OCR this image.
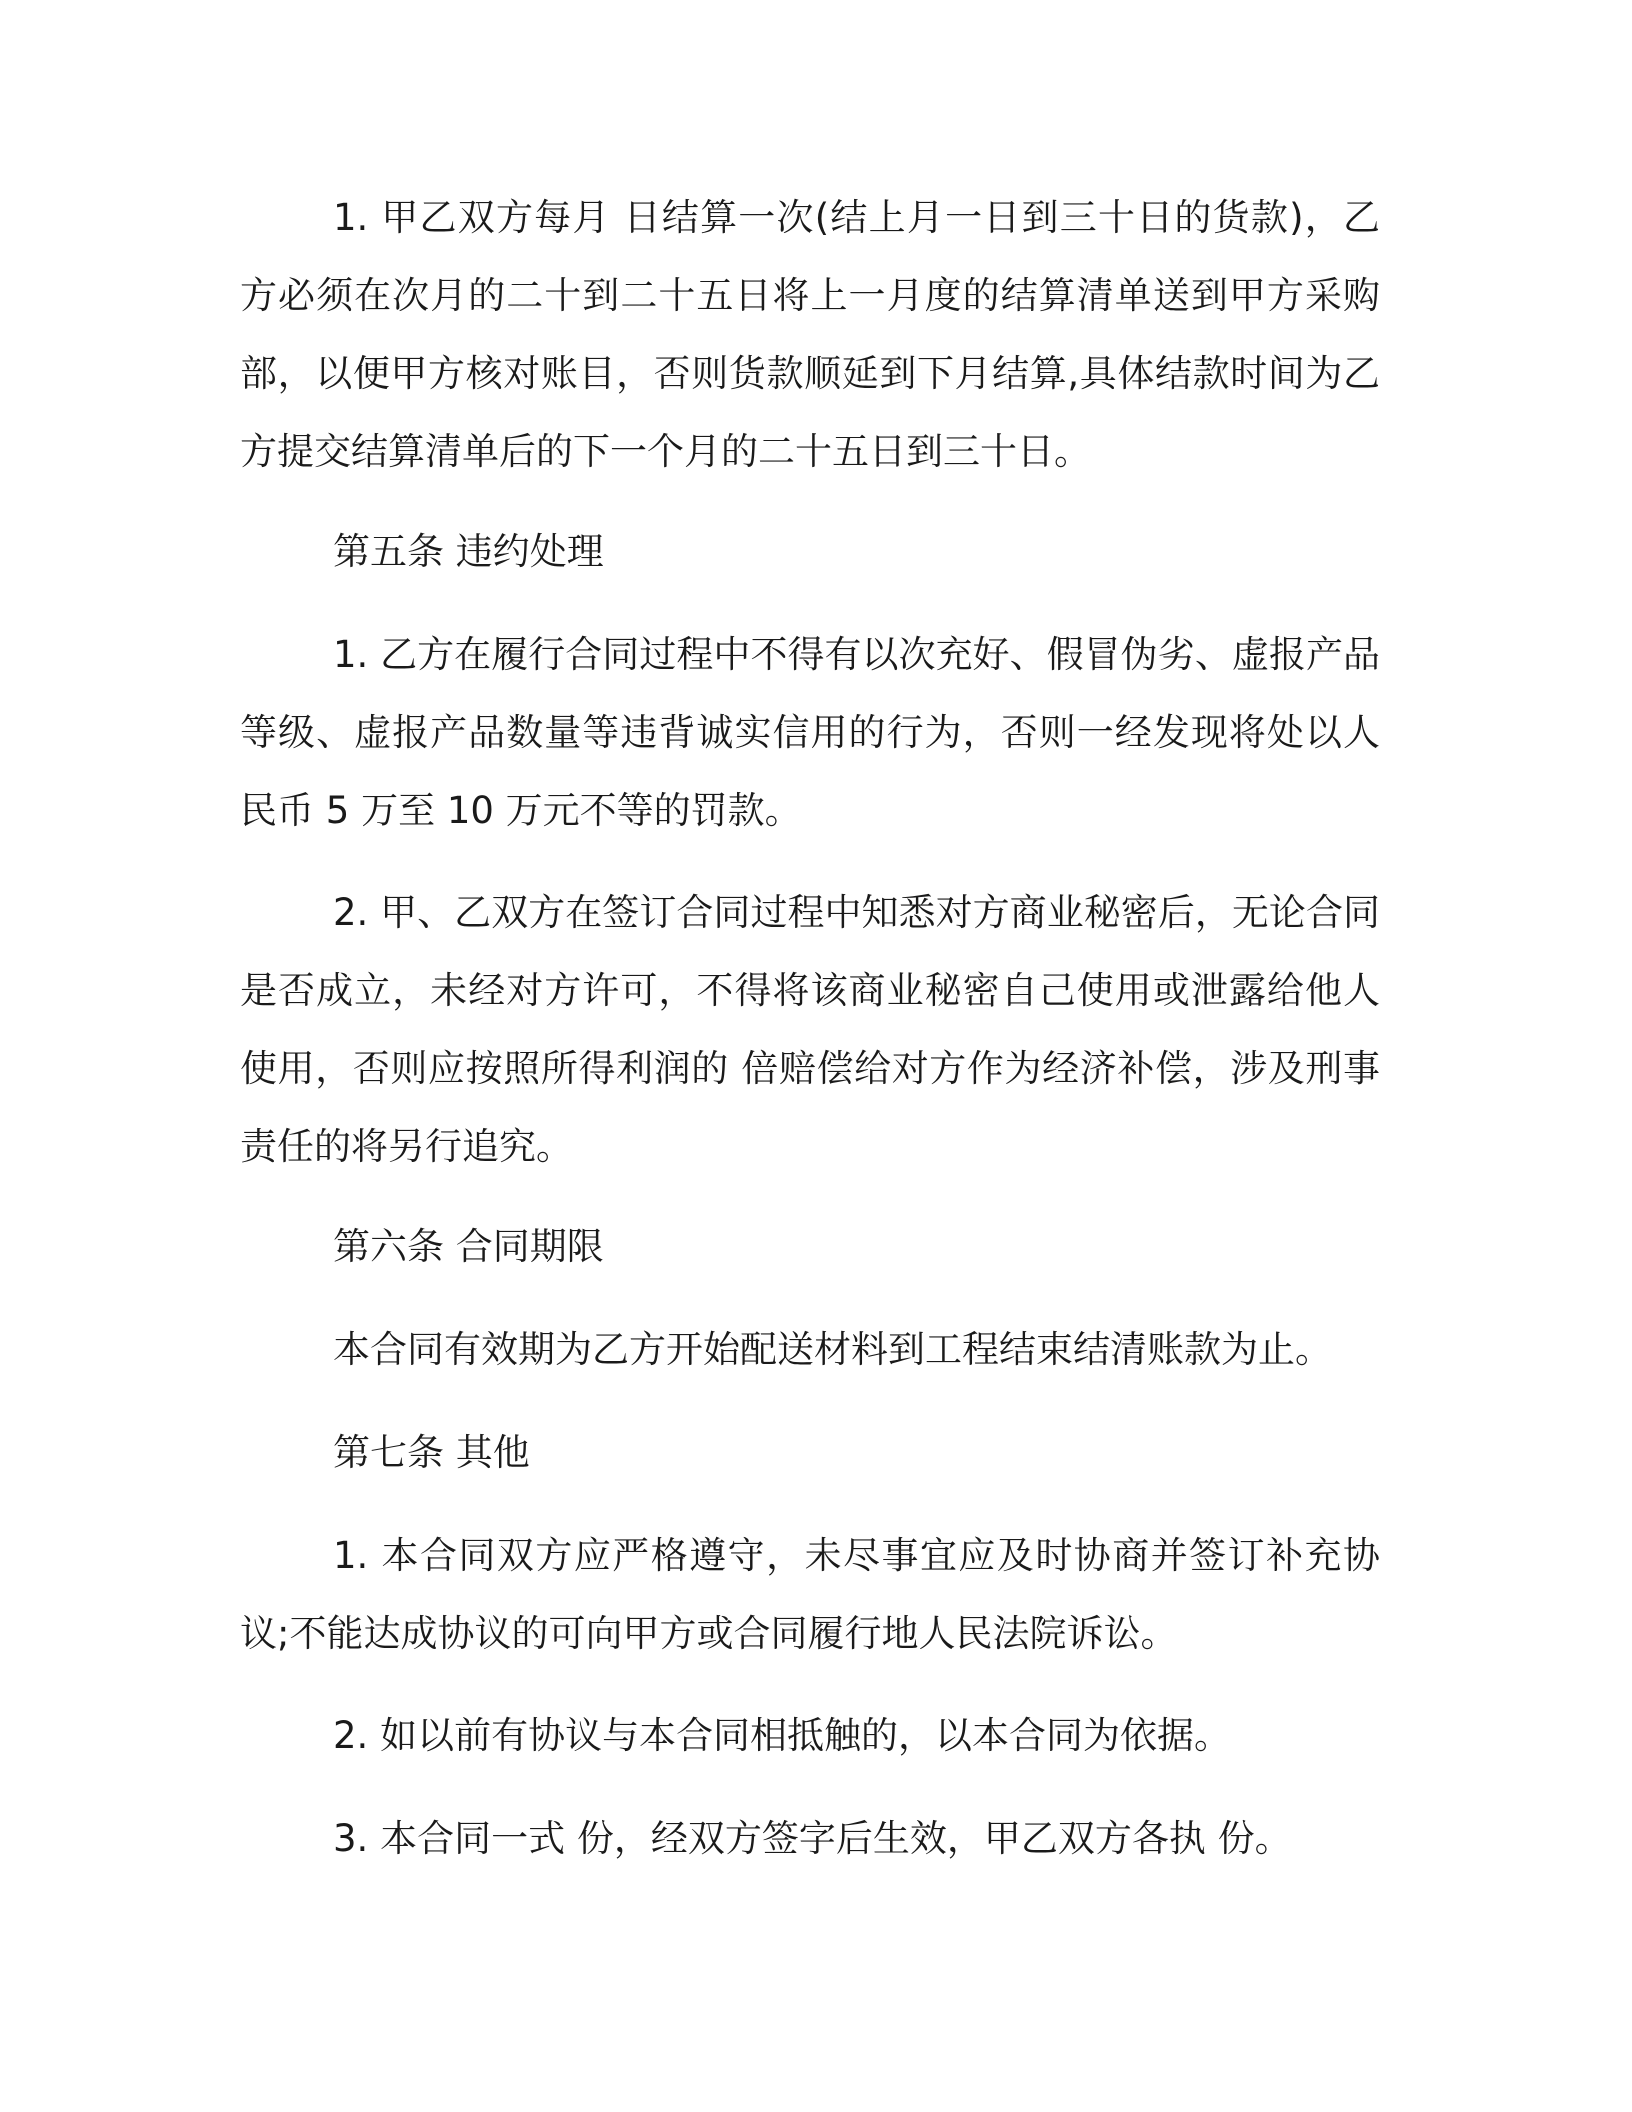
1. 甲乙双方每月 日结算一次(结上月一日到三十日的货款)，乙方必须在次月的二十到二十五日将上一月度的结算清单送到甲方采购部，以便甲方核对账目，否则货款顺延到下月结算,具体结款时间为乙方提交结算清单后的下一个月的二十五日到三十日。

第五条 违约处理

1. 乙方在履行合同过程中不得有以次充好、假冒伪劣、虚报产品等级、虚报产品数量等违背诚实信用的行为，否则一经发现将处以人民币 5 万至 10 万元不等的罚款。

2. 甲、乙双方在签订合同过程中知悉对方商业秘密后，无论合同是否成立，未经对方许可，不得将该商业秘密自己使用或泄露给他人使用，否则应按照所得利润的 倍赔偿给对方作为经济补偿，涉及刑事责任的将另行追究。

第六条 合同期限

本合同有效期为乙方开始配送材料到工程结束结清账款为止。

第七条 其他

1. 本合同双方应严格遵守，未尽事宜应及时协商并签订补充协议;不能达成协议的可向甲方或合同履行地人民法院诉讼。

2. 如以前有协议与本合同相抵触的，以本合同为依据。

3. 本合同一式 份，经双方签字后生效，甲乙双方各执 份。
